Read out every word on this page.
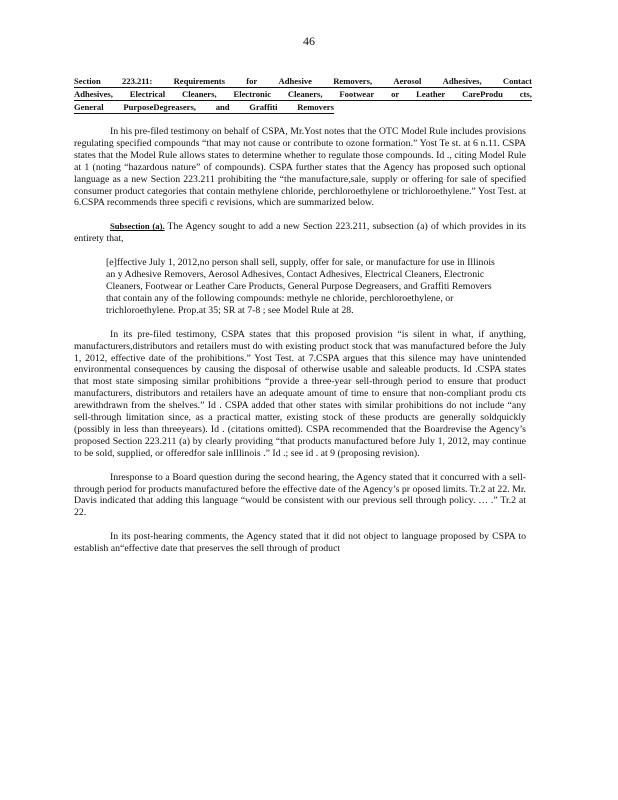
46
Section 223.211: Requirements for Adhesive Removers, Aerosol Adhesives, Contact
Adhesives, Electrical Cleaners, Electronic Cleaners, Footwear or Leather CareProdu cts,
General PurposeDegreasers, and Graffiti Removers

In his pre-filed testimony on behalf of CSPA, Mr.Yost notes that the OTC Model Rule includes provisions regulating specified compounds “that may not cause or contribute to ozone formation.” Yost Te st. at 6 n.11. CSPA states that the Model Rule allows states to determine whether to regulate those compounds. Id ., citing Model Rule at 1 (noting “hazardous nature” of compounds). CSPA further states that the Agency has proposed such optional language as a new Section 223.211 prohibiting the “the manufacture,sale, supply or offering for sale of specified consumer product categories that contain methylene chloride, perchloroethylene or trichloroethylene.” Yost Test. at 6.CSPA recommends three specifi c revisions, which are summarized below.

Subsection (a). The Agency sought to add a new Section 223.211, subsection (a) of which provides in its entirety that,

[e]ffective July 1, 2012,no person shall sell, supply, offer for sale, or manufacture for use in Illinois an y Adhesive Removers, Aerosol Adhesives, Contact Adhesives, Electrical Cleaners, Electronic Cleaners, Footwear or Leather Care Products, General Purpose Degreasers, and Graffiti Removers that contain any of the following compounds: methyle ne chloride, perchloroethylene, or trichloroethylene. Prop.at 35; SR at 7-8 ; see Model Rule at 28.

In its pre-filed testimony, CSPA states that this proposed provision “is silent in what, if anything, manufacturers,distributors and retailers must do with existing product stock that was manufactured before the July 1, 2012, effective date of the prohibitions.” Yost Test. at 7.CSPA argues that this silence may have unintended environmental consequences by causing the disposal of otherwise usable and saleable products. Id .CSPA states that most state simposing similar prohibitions “provide a three-year sell-through period to ensure that product manufacturers, distributors and retailers have an adequate amount of time to ensure that non-compliant produ cts arewithdrawn from the shelves.” Id . CSPA added that other states with similar prohibitions do not include “any sell-through limitation since, as a practical matter, existing stock of these products are generally soldquickly (possibly in less than threeyears). Id . (citations omitted). CSPA recommended that the Boardrevise the Agency’s proposed Section 223.211 (a) by clearly providing “that products manufactured before July 1, 2012, may continue to be sold, supplied, or offeredfor sale inIllinois .” Id .; see id . at 9 (proposing revision).

Inresponse to a Board question during the second hearing, the Agency stated that it concurred with a sell-through period for products manufactured before the effective date of the Agency’s pr oposed limits. Tr.2 at 22. Mr. Davis indicated that adding this language “would be consistent with our previous sell through policy. … .” Tr.2 at 22.

In its post-hearing comments, the Agency stated that it did not object to language proposed by CSPA to establish an“effective date that preserves the sell through of product
